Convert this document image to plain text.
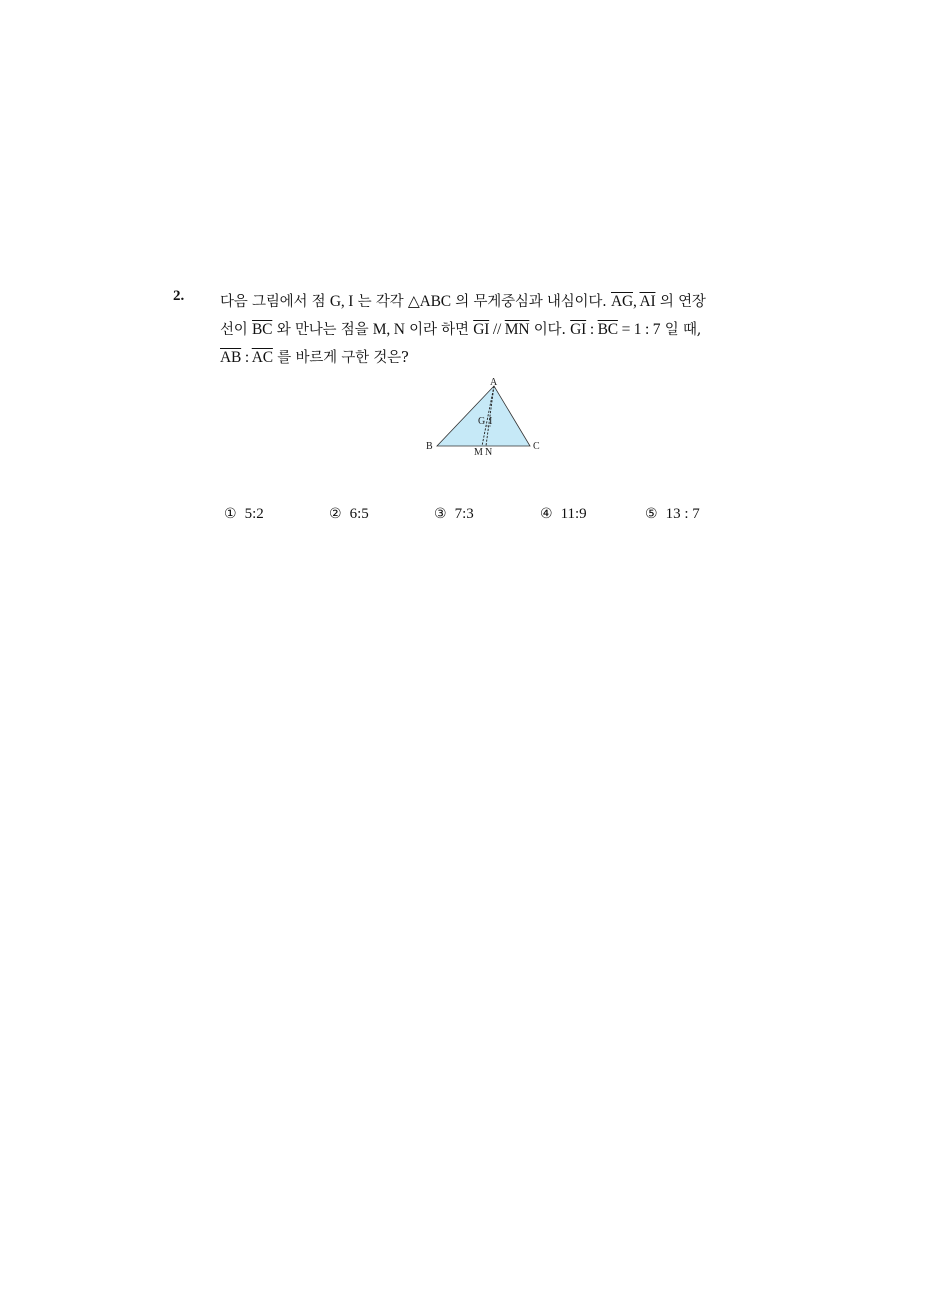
2. 다음 그림에서 점 G, I 는 각각 △ABC 의 무게중심과 내심이다. $\overline{AG}$, $\overline{AI}$ 의 연장
선이 $\overline{BC}$ 와 만나는 점을 M, N 이라 하면 $\overline{GI} // \overline{MN}$ 이다. $\overline{GI}$ : $\overline{BC} = 1$ : 7 일 때,
$\overline{AB}$ : $\overline{AC}$ 를 바르게 구한 것은?
A
B	C
G I
M N
① 5:2	② 6:5	③ 7:3	④ 11:9	⑤ 13 : 7
